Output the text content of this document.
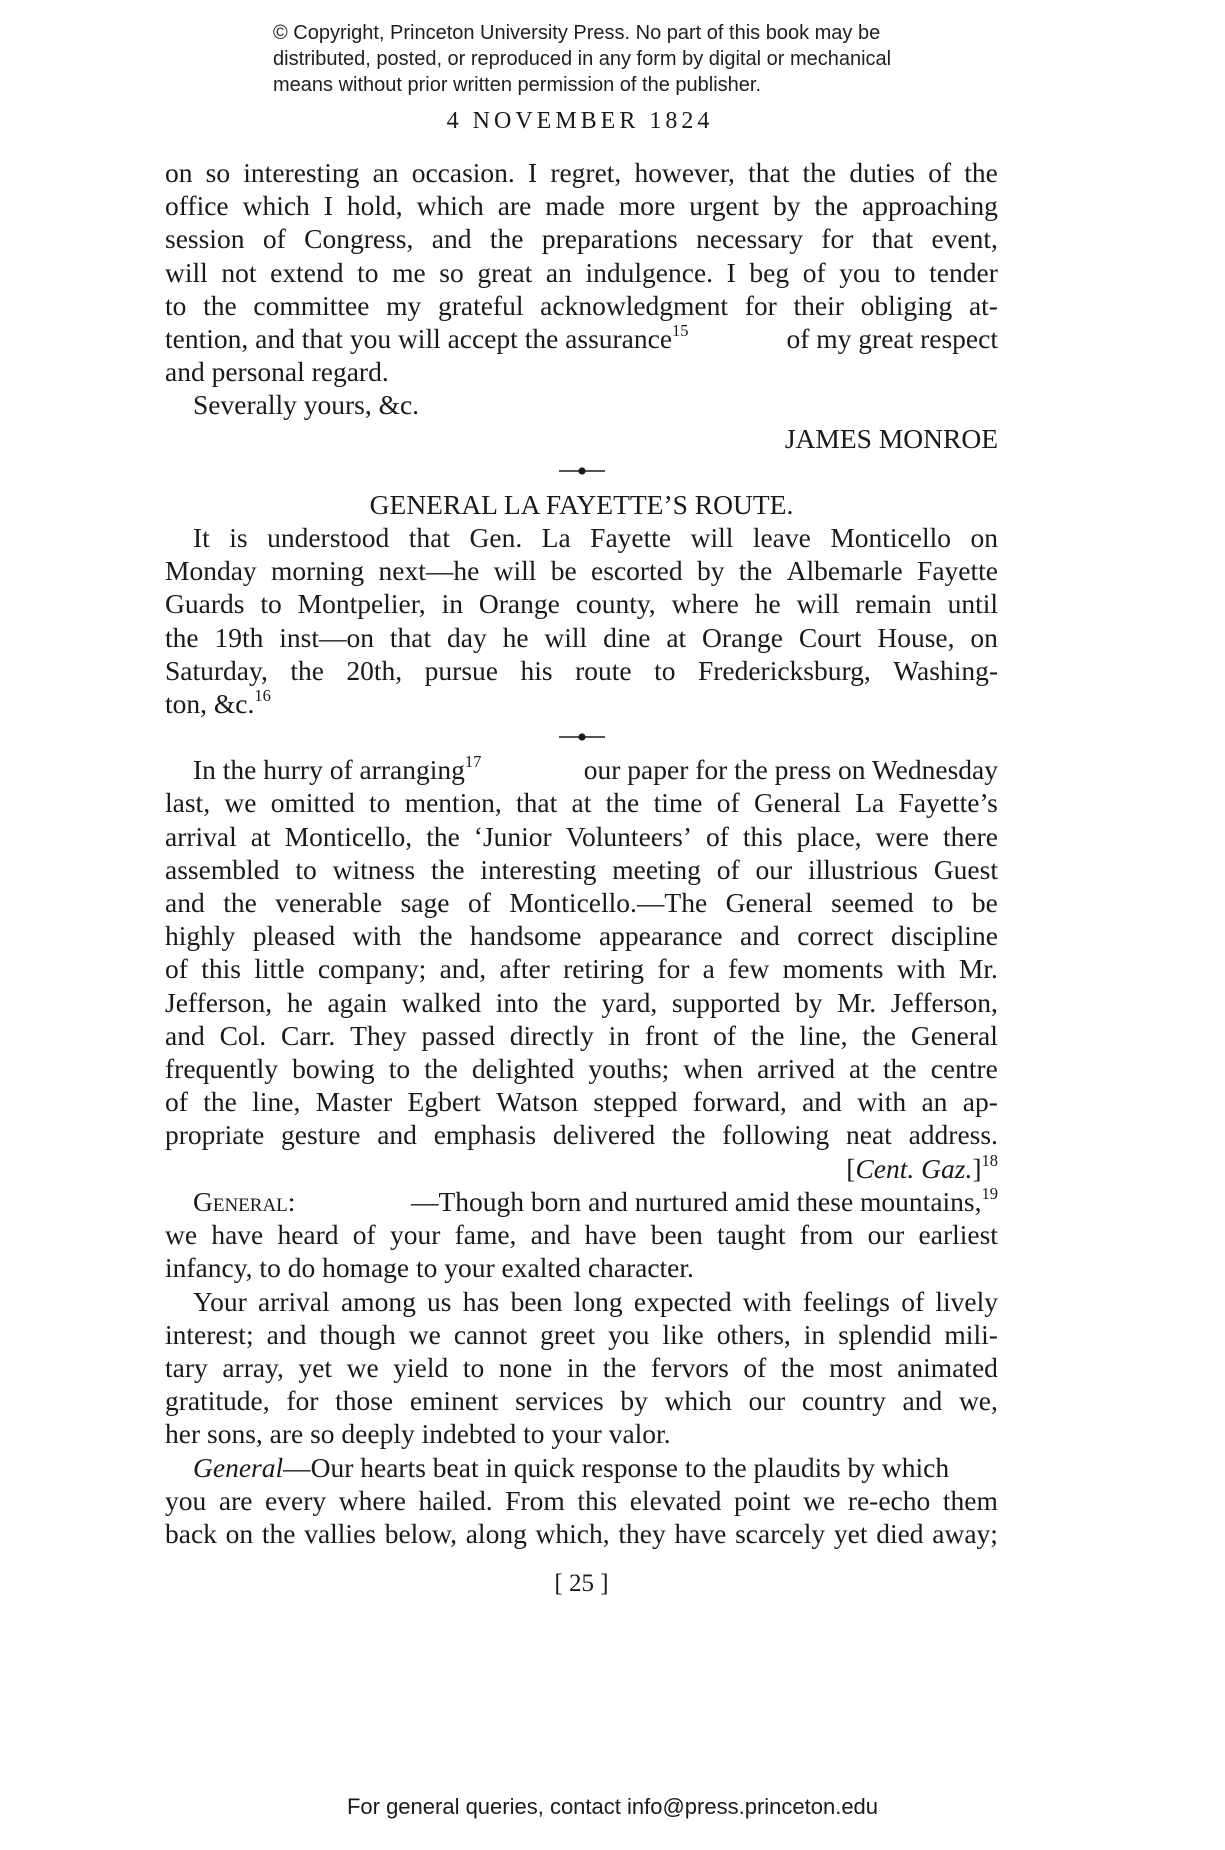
© Copyright, Princeton University Press. No part of this book may be
distributed, posted, or reproduced in any form by digital or mechanical
means without prior written permission of the publisher.
4 NOVEMBER 1824
on so interesting an occasion. I regret, however, that the duties of the
office which I hold, which are made more urgent by the approaching
session of Congress, and the preparations necessary for that event,
will not extend to me so great an indulgence. I beg of you to tender
to the committee my grateful acknowledgment for their obliging at-
tention, and that you will accept the assurance$^{15}$	of my great respect
and personal regard.
Severally yours, &c.
JAMES MONROE
GENERAL LA FAYETTE’S ROUTE.
It is understood that Gen. La Fayette will leave Monticello on
Monday morning next—he will be escorted by the Albemarle Fayette
Guards to Montpelier, in Orange county, where he will remain until
the 19th inst—on that day he will dine at Orange Court House, on
Saturday, the 20th, pursue his route to Fredericksburg, Washing-
ton, &c.$^{16}$
In the hurry of arranging$^{17}$	our paper for the press on Wednesday
last, we omitted to mention, that at the time of General La Fayette’s
arrival at Monticello, the ‘Junior Volunteers’ of this place, were there
assembled to witness the interesting meeting of our illustrious Guest
and the venerable sage of Monticello.—The General seemed to be
highly pleased with the handsome appearance and correct discipline
of this little company; and, after retiring for a few moments with Mr.
Jefferson, he again walked into the yard, supported by Mr. Jefferson,
and Col. Carr. They passed directly in front of the line, the General
frequently bowing to the delighted youths; when arrived at the centre
of the line, Master Egbert Watson stepped forward, and with an ap-
propriate gesture and emphasis delivered the following neat address.
[Cent. Gaz.]$^{18}$
General:	—Though born and nurtured amid these mountains,$^{19}$
we have heard of your fame, and have been taught from our earliest
infancy, to do homage to your exalted character.
Your arrival among us has been long expected with feelings of lively
interest; and though we cannot greet you like others, in splendid mili-
tary array, yet we yield to none in the fervors of the most animated
gratitude, for those eminent services by which our country and we,
her sons, are so deeply indebted to your valor.
General—Our hearts beat in quick response to the plaudits by which
you are every where hailed. From this elevated point we re-echo them
back on the vallies below, along which, they have scarcely yet died away;
[ 25 ]
For general queries, contact info@press.princeton.edu
